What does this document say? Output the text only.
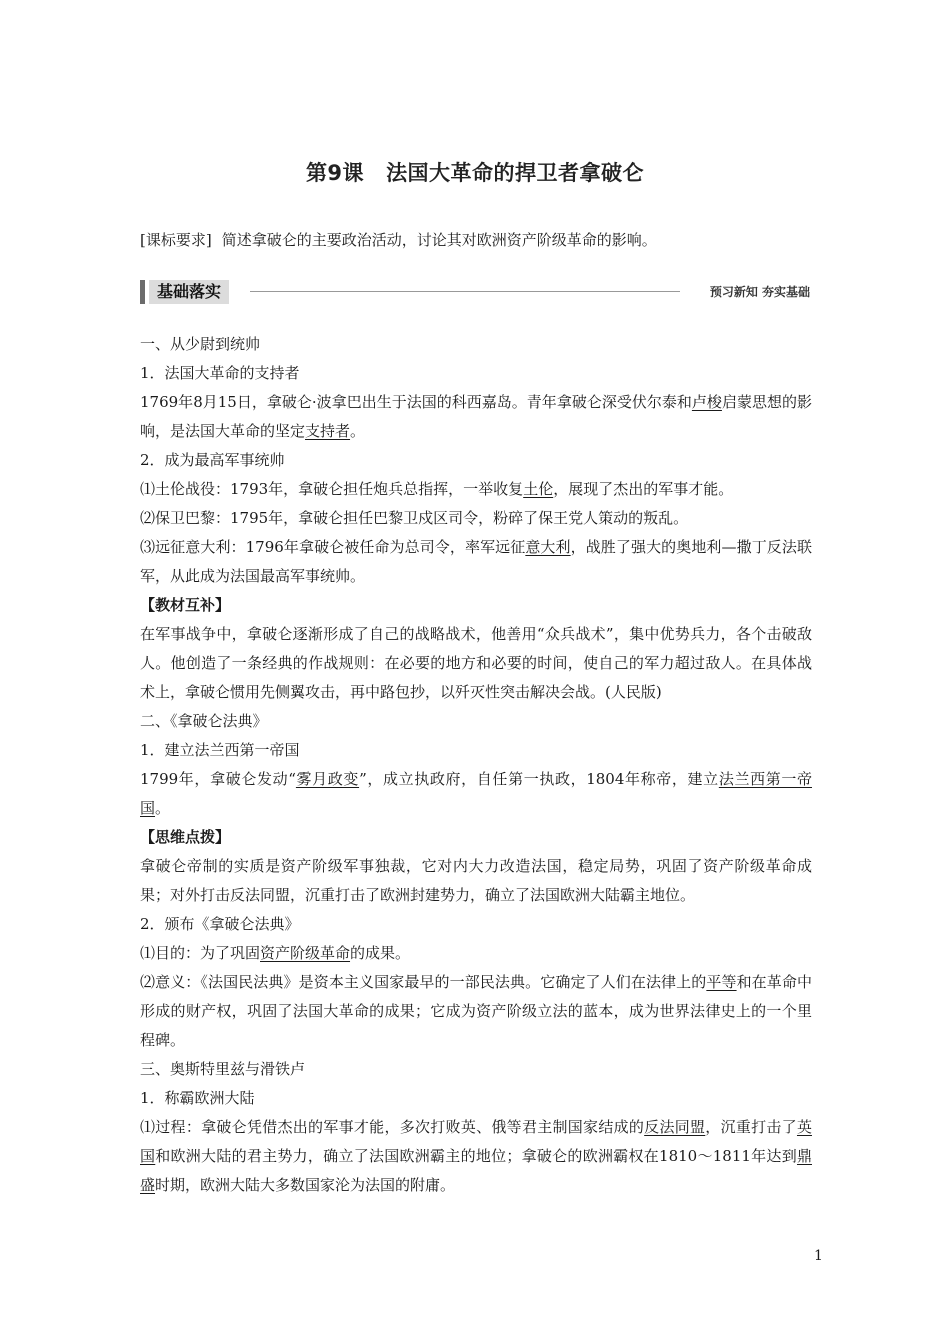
第9课 法国大革命的捍卫者拿破仑
[课标要求] 简述拿破仑的主要政治活动，讨论其对欧洲资产阶级革命的影响。
基础落实	预习新知 夯实基础

一、从少尉到统帅

1．法国大革命的支持者

1769年8月15日，拿破仑·波拿巴出生于法国的科西嘉岛。青年拿破仑深受伏尔泰和卢梭启蒙思想的影响，是法国大革命的坚定支持者。

2．成为最高军事统帅

⑴土伦战役：1793年，拿破仑担任炮兵总指挥，一举收复土伦，展现了杰出的军事才能。

⑵保卫巴黎：1795年，拿破仑担任巴黎卫戍区司令，粉碎了保王党人策动的叛乱。

⑶远征意大利：1796年拿破仑被任命为总司令，率军远征意大利，战胜了强大的奥地利—撒丁反法联军，从此成为法国最高军事统帅。

【教材互补】

在军事战争中，拿破仑逐渐形成了自己的战略战术，他善用“众兵战术”，集中优势兵力，各个击破敌人。他创造了一条经典的作战规则：在必要的地方和必要的时间，使自己的军力超过敌人。在具体战术上，拿破仑惯用先侧翼攻击，再中路包抄，以歼灭性突击解决会战。(人民版)

二、《拿破仑法典》

1．建立法兰西第一帝国

1799年，拿破仑发动“雾月政变”，成立执政府，自任第一执政，1804年称帝，建立法兰西第一帝国。

【思维点拨】

拿破仑帝制的实质是资产阶级军事独裁，它对内大力改造法国，稳定局势，巩固了资产阶级革命成果；对外打击反法同盟，沉重打击了欧洲封建势力，确立了法国欧洲大陆霸主地位。

2．颁布《拿破仑法典》

⑴目的：为了巩固资产阶级革命的成果。

⑵意义：《法国民法典》是资本主义国家最早的一部民法典。它确定了人们在法律上的平等和在革命中形成的财产权，巩固了法国大革命的成果；它成为资产阶级立法的蓝本，成为世界法律史上的一个里程碑。

三、奥斯特里兹与滑铁卢

1．称霸欧洲大陆

⑴过程：拿破仑凭借杰出的军事才能，多次打败英、俄等君主制国家结成的反法同盟，沉重打击了英国和欧洲大陆的君主势力，确立了法国欧洲霸主的地位；拿破仑的欧洲霸权在1810～1811年达到鼎盛时期，欧洲大陆大多数国家沦为法国的附庸。

1
